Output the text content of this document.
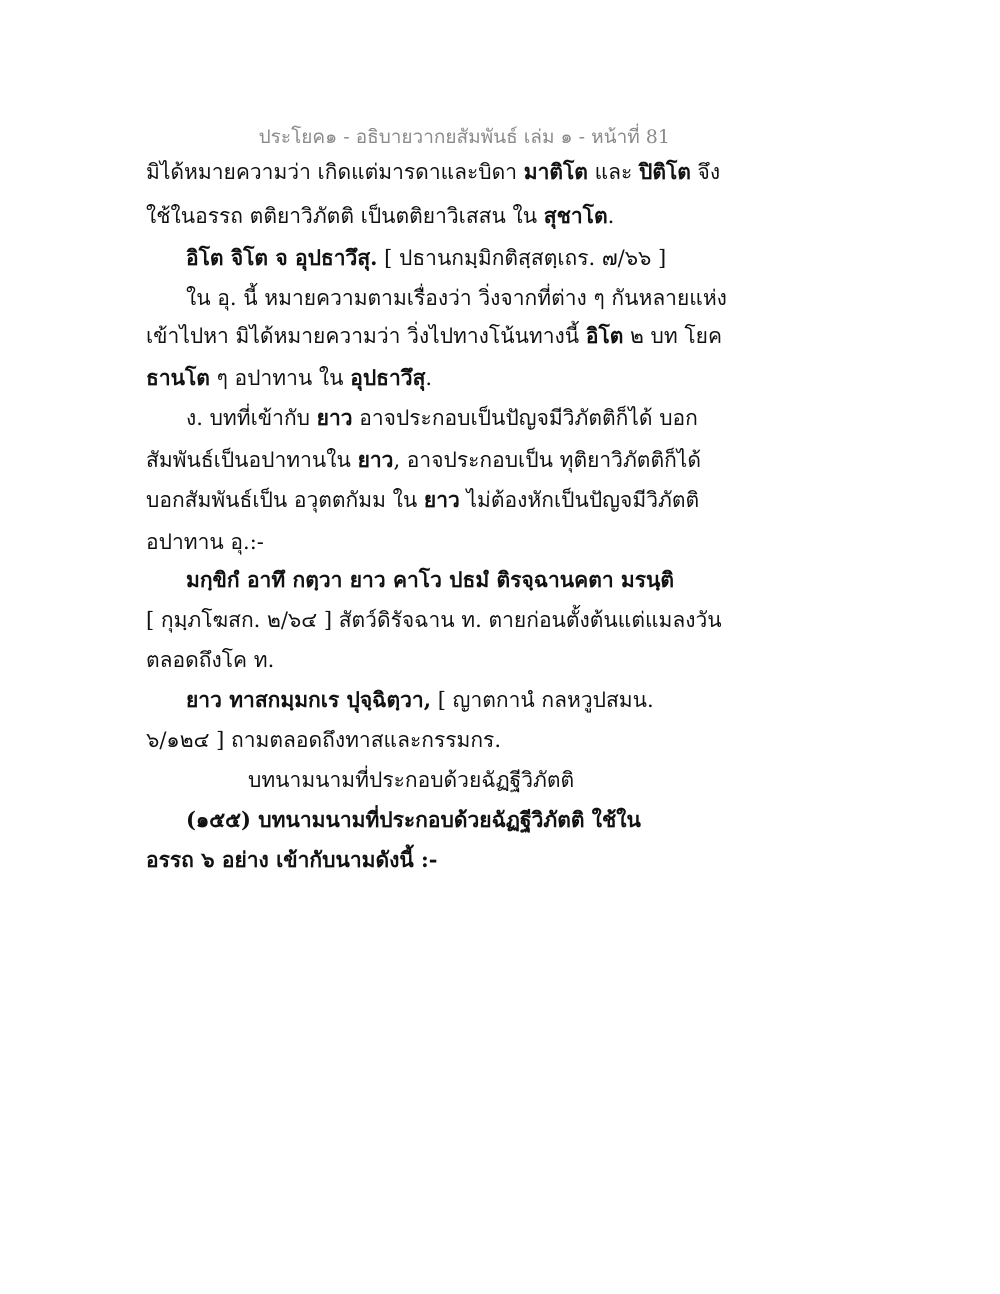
ประโยค๑ - อธิบายวากยสัมพันธ์ เล่ม ๑ - หน้าที่ 81
มิได้หมายความว่า เกิดแต่มารดาและบิดา มาติโต และ ปิติโต จึง
ใช้ในอรรถ ตติยาวิภัตติ เป็นตติยาวิเสสน ใน สุชาโต.
อิโต จิโต จ อุปธาวึสุ. [ ปธานกมฺมิกติสฺสตฺเถร. ๗/๖๖ ]
ใน อุ. นี้ หมายความตามเรื่องว่า วิ่งจากที่ต่าง ๆ กันหลายแห่ง
เข้าไปหา มิได้หมายความว่า วิ่งไปทางโน้นทางนี้ อิโต ๒ บท โยค
ธานโต ๆ อปาทาน ใน อุปธาวึสุ.
ง. บทที่เข้ากับ ยาว อาจประกอบเป็นปัญจมีวิภัตติก็ได้ บอก
สัมพันธ์เป็นอปาทานใน ยาว, อาจประกอบเป็น ทุติยาวิภัตติก็ได้
บอกสัมพันธ์เป็น อวุตตกัมม ใน ยาว ไม่ต้องหักเป็นปัญจมีวิภัตติ
อปาทาน อุ.:-
มกฺขิกํ อาทึ กตฺวา ยาว คาโว ปธมํ ติรจฺฉานคตา มรนฺติ
[ กุมฺภโฆสก. ๒/๖๔ ] สัตว์ดิรัจฉาน ท. ตายก่อนตั้งต้นแต่แมลงวัน
ตลอดถึงโค ท.
ยาว ทาสกมฺมกเร ปุจฺฉิตฺวา, [ ญาตกานํ กลหวูปสมน.
๖/๑๒๔ ] ถามตลอดถึงทาสและกรรมกร.
บทนามนามที่ประกอบด้วยฉัฏฐีวิภัตติ
(๑๕๕) บทนามนามที่ประกอบด้วยฉัฏฐีวิภัตติ ใช้ใน
อรรถ ๖ อย่าง เข้ากับนามดังนี้ :-
